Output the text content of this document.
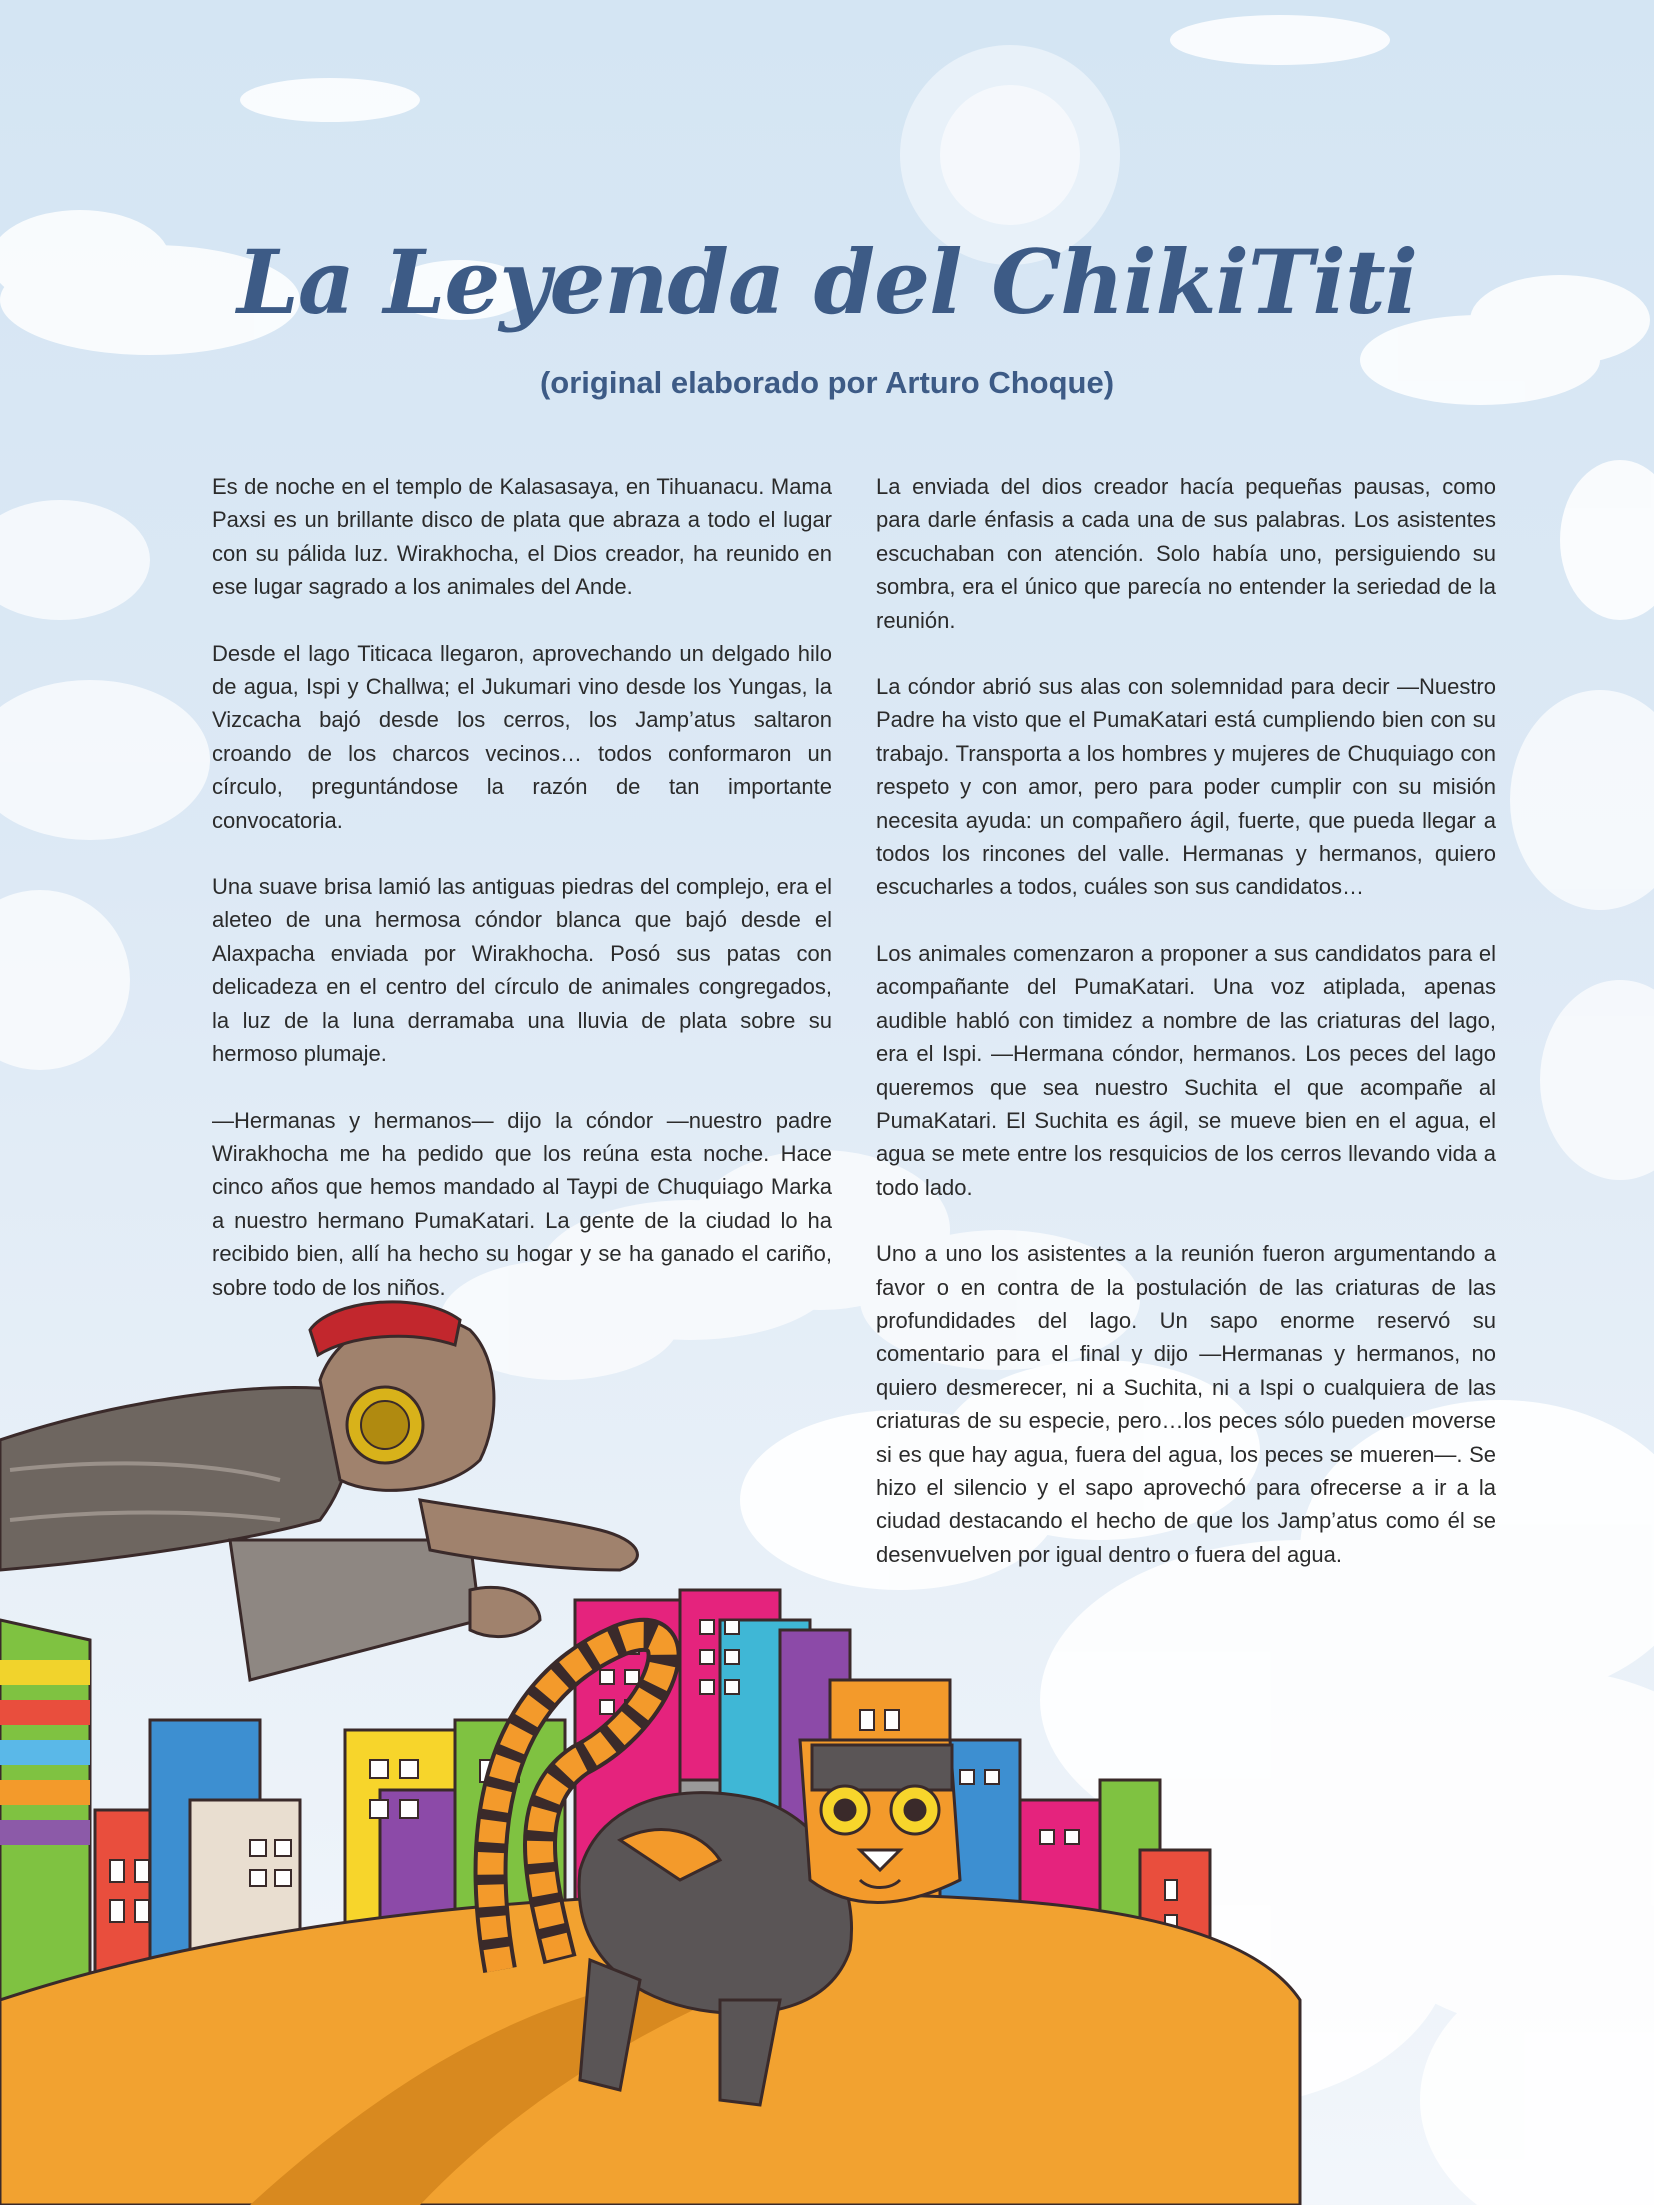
La Leyenda del ChikiTiti
(original elaborado por Arturo Choque)

Es de noche en el templo de Kalasasaya, en Tihuanacu. Mama Paxsi es un brillante disco de plata que abraza a todo el lugar con su pálida luz. Wirakhocha, el Dios creador, ha reunido en ese lugar sagrado a los animales del Ande.

Desde el lago Titicaca llegaron, aprovechando un delgado hilo de agua, Ispi y Challwa; el Jukumari vino desde los Yungas, la Vizcacha bajó desde los cerros, los Jamp’atus saltaron croando de los charcos vecinos… todos conformaron un círculo, preguntándose la razón de tan importante convocatoria.

Una suave brisa lamió las antiguas piedras del complejo, era el aleteo de una hermosa cóndor blanca que bajó desde el Alaxpacha enviada por Wirakhocha. Posó sus patas con delicadeza en el centro del círculo de animales congregados, la luz de la luna derramaba una lluvia de plata sobre su hermoso plumaje.

—Hermanas y hermanos— dijo la cóndor —nuestro padre Wirakhocha me ha pedido que los reúna esta noche. Hace cinco años que hemos mandado al Taypi de Chuquiago Marka a nuestro hermano PumaKatari. La gente de la ciudad lo ha recibido bien, allí ha hecho su hogar y se ha ganado el cariño, sobre todo de los niños.

La enviada del dios creador hacía pequeñas pausas, como para darle énfasis a cada una de sus palabras. Los asistentes escuchaban con atención. Solo había uno, persiguiendo su sombra, era el único que parecía no entender la seriedad de la reunión.

La cóndor abrió sus alas con solemnidad para decir —Nuestro Padre ha visto que el PumaKatari está cumpliendo bien con su trabajo. Transporta a los hombres y mujeres de Chuquiago con respeto y con amor, pero para poder cumplir con su misión necesita ayuda: un compañero ágil, fuerte, que pueda llegar a todos los rincones del valle. Hermanas y hermanos, quiero escucharles a todos, cuáles son sus candidatos…

Los animales comenzaron a proponer a sus candidatos para el acompañante del PumaKatari. Una voz atiplada, apenas audible habló con timidez a nombre de las criaturas del lago, era el Ispi. —Hermana cóndor, hermanos. Los peces del lago queremos que sea nuestro Suchita el que acompañe al PumaKatari. El Suchita es ágil, se mueve bien en el agua, el agua se mete entre los resquicios de los cerros llevando vida a todo lado.

Uno a uno los asistentes a la reunión fueron argumentando a favor o en contra de la postulación de las criaturas de las profundidades del lago. Un sapo enorme reservó su comentario para el final y dijo —Hermanas y hermanos, no quiero desmerecer, ni a Suchita, ni a Ispi o cualquiera de las criaturas de su especie, pero…los peces sólo pueden moverse si es que hay agua, fuera del agua, los peces se mueren—. Se hizo el silencio y el sapo aprovechó para ofrecerse a ir a la ciudad destacando el hecho de que los Jamp’atus como él se desenvuelven por igual dentro o fuera del agua.
